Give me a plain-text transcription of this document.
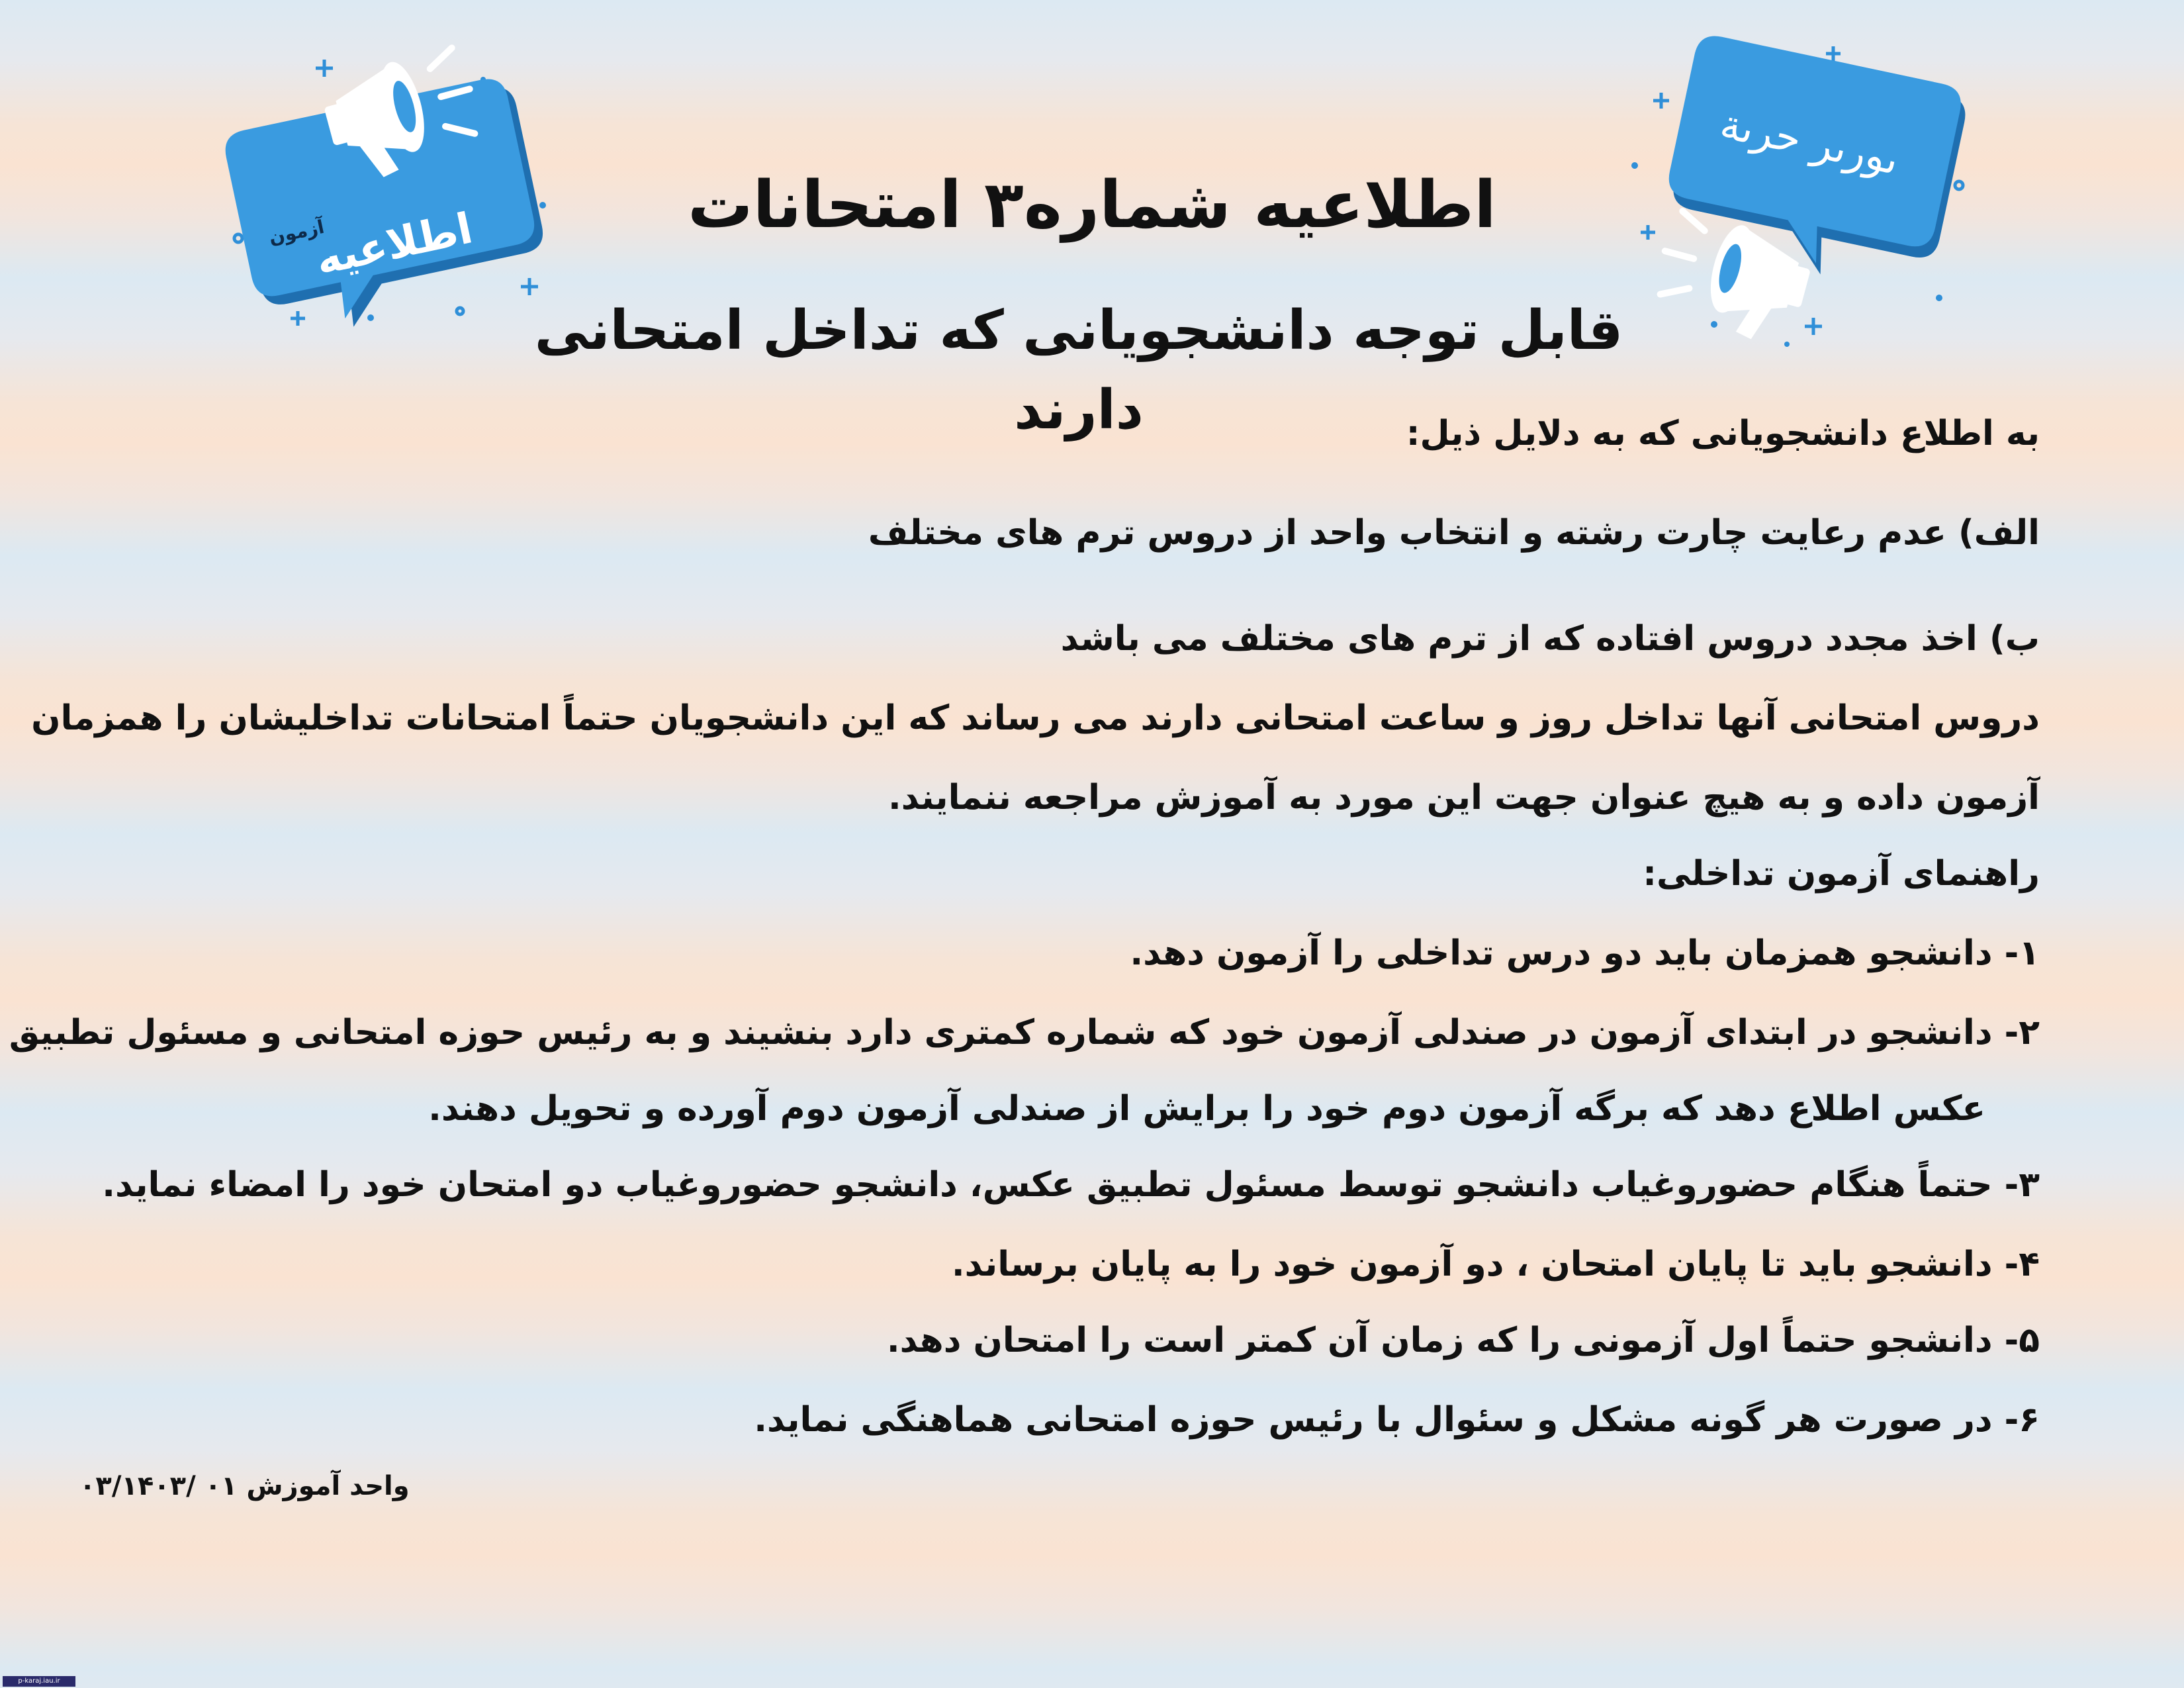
اطلاعیه
آزمون
ٮورٮر حرٮة
اطلاعیه شماره۳ امتحانات
قابل توجه دانشجویانی که تداخل امتحانی دارند	به اطلاع دانشجویانی که به دلایل ذیل:
الف) عدم رعایت چارت رشته و انتخاب واحد از دروس ترم های مختلف
ب) اخذ مجدد دروس افتاده که از ترم های مختلف می باشد
دروس امتحانی آنها تداخل روز و ساعت امتحانی دارند می رساند که این دانشجویان حتماً امتحانات تداخلیشان را همزمان
آزمون داده و به هیچ عنوان جهت این مورد به آموزش مراجعه ننمایند.
راهنمای آزمون تداخلی:
۱- دانشجو همزمان باید دو درس تداخلی را آزمون دهد.
۲- دانشجو در ابتدای آزمون در صندلی آزمون خود که شماره کمتری دارد بنشیند و به رئیس حوزه امتحانی و مسئول تطبیق
عکس اطلاع دهد که برگه آزمون دوم خود را برایش از صندلی آزمون دوم آورده و تحویل دهند.
۳- حتماً هنگام حضوروغیاب دانشجو توسط مسئول تطبیق عکس، دانشجو حضوروغیاب دو امتحان خود را امضاء نماید.
۴- دانشجو باید تا پایان امتحان ، دو آزمون خود را به پایان برساند.
۵- دانشجو حتماً اول آزمونی را که زمان آن کمتر است را امتحان دهد.
۶- در صورت هر گونه مشکل و سئوال با رئیس حوزه امتحانی هماهنگی نماید.
واحد آموزش ۰۱ /۰۳/۱۴۰۳
p-karaj.iau.ir
